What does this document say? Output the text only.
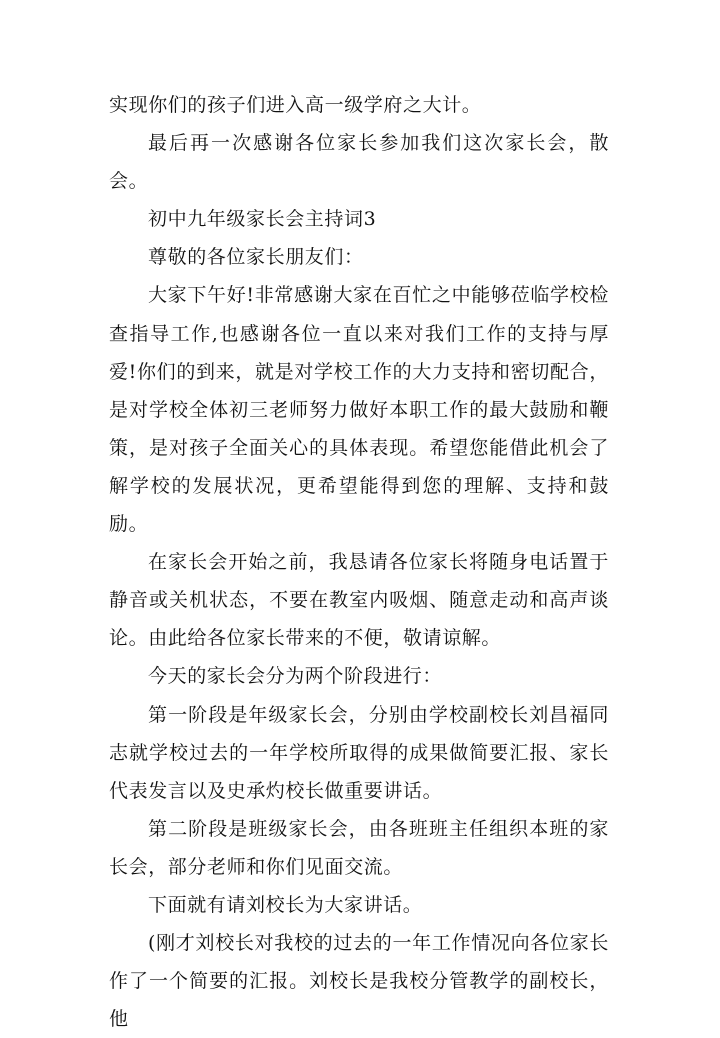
实现你们的孩子们进入高一级学府之大计。

最后再一次感谢各位家长参加我们这次家长会，散会。

初中九年级家长会主持词3

尊敬的各位家长朋友们：

大家下午好!非常感谢大家在百忙之中能够莅临学校检查指导工作,也感谢各位一直以来对我们工作的支持与厚爱!你们的到来，就是对学校工作的大力支持和密切配合，是对学校全体初三老师努力做好本职工作的最大鼓励和鞭策，是对孩子全面关心的具体表现。希望您能借此机会了解学校的发展状况，更希望能得到您的理解、支持和鼓励。

在家长会开始之前，我恳请各位家长将随身电话置于静音或关机状态，不要在教室内吸烟、随意走动和高声谈论。由此给各位家长带来的不便，敬请谅解。

今天的家长会分为两个阶段进行：

第一阶段是年级家长会，分别由学校副校长刘昌福同志就学校过去的一年学校所取得的成果做简要汇报、家长代表发言以及史承灼校长做重要讲话。

第二阶段是班级家长会，由各班班主任组织本班的家长会，部分老师和你们见面交流。

下面就有请刘校长为大家讲话。

(刚才刘校长对我校的过去的一年工作情况向各位家长作了一个简要的汇报。刘校长是我校分管教学的副校长，他
